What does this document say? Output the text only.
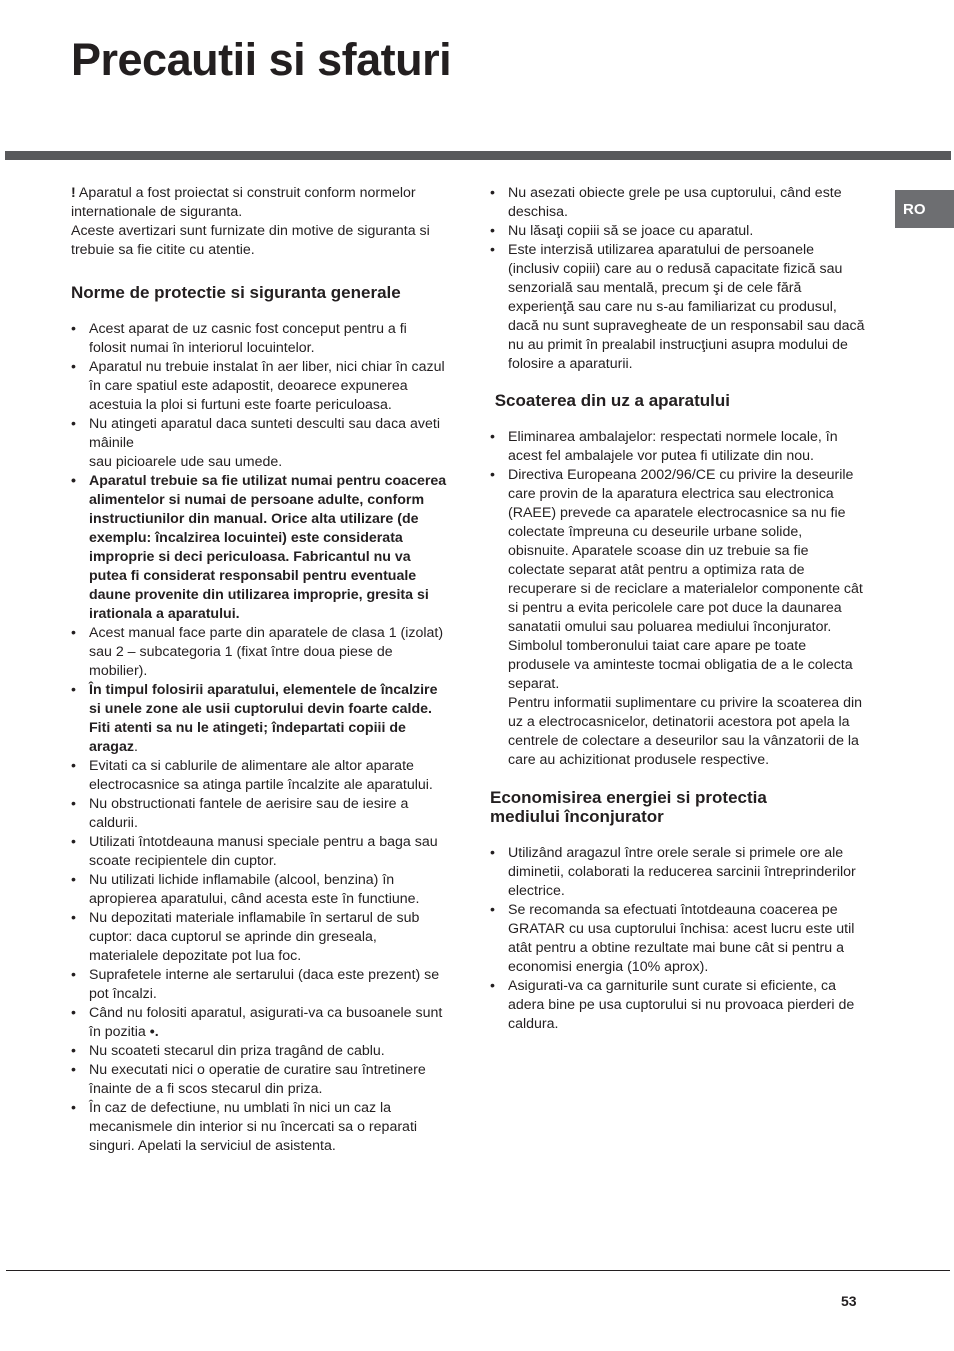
Precautii si sfaturi
RO

! Aparatul a fost proiectat si construit conform normelor internationale de siguranta.
Aceste avertizari sunt furnizate din motive de siguranta si trebuie sa fie citite cu atentie.

Norme de protectie si siguranta generale
• Acest aparat de uz casnic fost conceput pentru a fi folosit numai în interiorul locuintelor.
• Aparatul nu trebuie instalat în aer liber, nici chiar în cazul în care spatiul este adapostit, deoarece expunerea acestuia la ploi si furtuni este foarte periculoasa.
• Nu atingeti aparatul daca sunteti desculti sau daca aveti mâinile
sau picioarele ude sau umede.
• Aparatul trebuie sa fie utilizat numai pentru coacerea alimentelor si numai de persoane adulte, conform instructiunilor din manual. Orice alta utilizare (de exemplu: încalzirea locuintei) este considerata improprie si deci periculoasa. Fabricantul nu va putea fi considerat responsabil pentru eventuale daune provenite din utilizarea improprie, gresita si irationala a aparatului.
• Acest manual face parte din aparatele de clasa 1 (izolat) sau 2 – subcategoria 1 (fixat între doua piese de mobilier).
• În timpul folosirii aparatului, elementele de încalzire si unele zone ale usii cuptorului devin foarte calde. Fiti atenti sa nu le atingeti; îndepartati copiii de aragaz.
• Evitati ca si cablurile de alimentare ale altor aparate electrocasnice sa atinga partile încalzite ale aparatului.
• Nu obstructionati fantele de aerisire sau de iesire a caldurii.
• Utilizati întotdeauna manusi speciale pentru a baga sau scoate recipientele din cuptor.
• Nu utilizati lichide inflamabile (alcool, benzina) în apropierea aparatului, când acesta este în functiune.
• Nu depozitati materiale inflamabile în sertarul de sub cuptor: daca cuptorul se aprinde din greseala, materialele depozitate pot lua foc.
• Suprafetele interne ale sertarului (daca este prezent) se pot încalzi.
• Când nu folositi aparatul, asigurati-va ca busoanele sunt în pozitia •.
• Nu scoateti stecarul din priza tragând de cablu.
• Nu executati nici o operatie de curatire sau întretinere înainte de a fi scos stecarul din priza.
• În caz de defectiune, nu umblati în nici un caz la mecanismele din interior si nu încercati sa o reparati singuri. Apelati la serviciul de asistenta.
• Nu asezati obiecte grele pe usa cuptorului, când este deschisa.
• Nu lăsaţi copiii să se joace cu aparatul.
• Este interzisă utilizarea aparatului de persoanele (inclusiv copiii) care au o redusă capacitate fizică sau senzorială sau mentală, precum şi de cele fără experienţă sau care nu s-au familiarizat cu produsul, dacă nu sunt supravegheate de un responsabil sau dacă nu au primit în prealabil instrucţiuni asupra modului de folosire a aparaturii.
Scoaterea din uz a aparatului
• Eliminarea ambalajelor: respectati normele locale, în acest fel ambalajele vor putea fi utilizate din nou.
• Directiva Europeana 2002/96/CE cu privire la deseurile care provin de la aparatura electrica sau electronica (RAEE) prevede ca aparatele electrocasnice sa nu fie colectate împreuna cu deseurile urbane solide, obisnuite. Aparatele scoase din uz trebuie sa fie colectate separat atât pentru a optimiza rata de recuperare si de reciclare a materialelor componente cât si pentru a evita pericolele care pot duce la daunarea sanatatii omului sau poluarea mediului înconjurator. Simbolul tomberonului taiat care apare pe toate produsele va aminteste tocmai obligatia de a le colecta separat.

Pentru informatii suplimentare cu privire la scoaterea din uz a electrocasnicelor, detinatorii acestora pot apela la centrele de colectare a deseurilor sau la vânzatorii de la care au achizitionat produsele respective.

Economisirea energiei si protectia
mediului înconjurator
• Utilizând aragazul între orele serale si primele ore ale diminetii, colaborati la reducerea sarcinii întreprinderilor electrice.
• Se recomanda sa efectuati întotdeauna coacerea pe GRATAR cu usa cuptorului închisa: acest lucru este util atât pentru a obtine rezultate mai bune cât si pentru a economisi energia (10% aprox).
• Asigurati-va ca garniturile sunt curate si eficiente, ca adera bine pe usa cuptorului si nu provoaca pierderi de caldura.
53
